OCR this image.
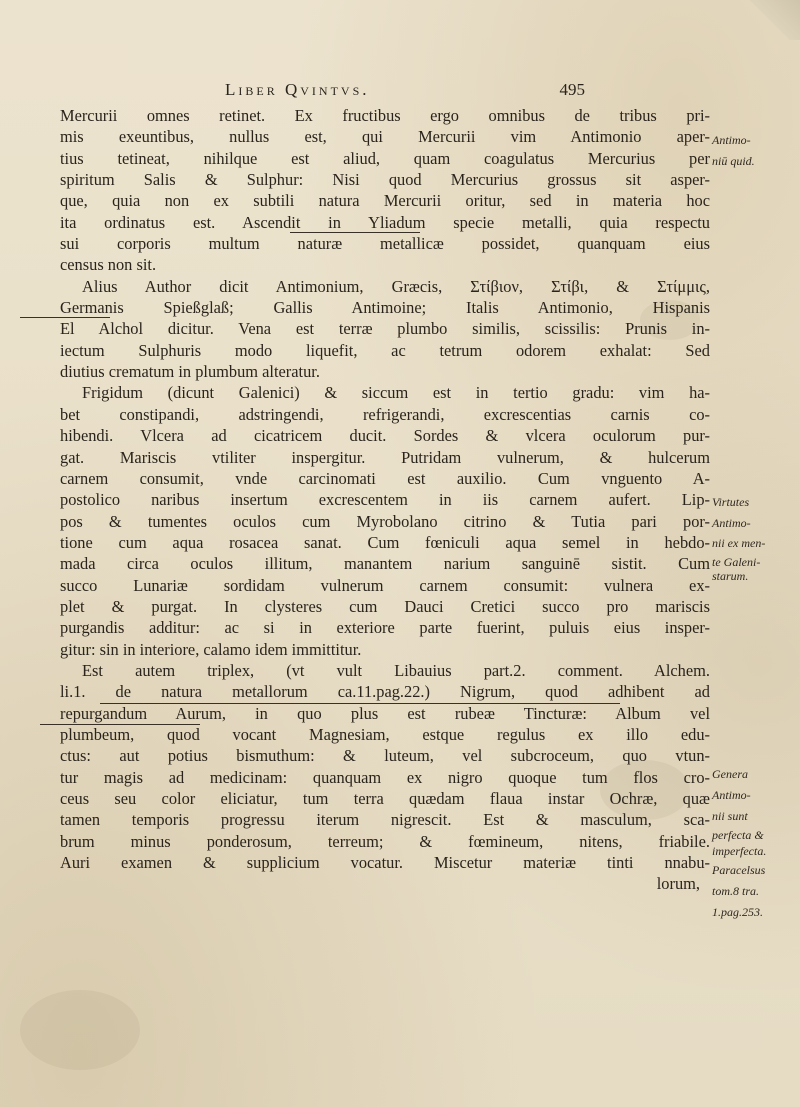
Liber Qvintvs.	495
Mercurii omnes retinet. Ex fructibus ergo omnibus de tribus pri-
mis exeuntibus, nullus est, qui Mercurii vim Antimonio aper-
tius tetineat, nihilque est aliud, quam coagulatus Mercurius per
spiritum Salis & Sulphur: Nisi quod Mercurius grossus sit asper-
que, quia non ex subtili natura Mercurii oritur, sed in materia hoc
ita ordinatus est. Ascendit in Yliadum specie metalli, quia respectu
sui corporis multum naturæ metallicæ possidet, quanquam eius
census non sit.
Alius Author dicit Antimonium, Græcis, Στίβιον, Στίβι, & Στίμμις,
Germanis Spießglaß; Gallis Antimoine; Italis Antimonio, Hispanis
El Alchol dicitur. Vena est terræ plumbo similis, scissilis: Prunis in-
iectum Sulphuris modo liquefit, ac tetrum odorem exhalat: Sed
diutius crematum in plumbum alteratur.
Frigidum (dicunt Galenici) & siccum est in tertio gradu: vim ha-
bet constipandi, adstringendi, refrigerandi, excrescentias carnis co-
hibendi. Vlcera ad cicatricem ducit. Sordes & vlcera oculorum pur-
gat. Mariscis vtiliter inspergitur. Putridam vulnerum, & hulcerum
carnem consumit, vnde carcinomati est auxilio. Cum vnguento A-
postolico naribus insertum excrescentem in iis carnem aufert. Lip-
pos & tumentes oculos cum Myrobolano citrino & Tutia pari por-
tione cum aqua rosacea sanat. Cum fœniculi aqua semel in hebdo-
mada circa oculos illitum, manantem narium sanguinē sistit. Cum
succo Lunariæ sordidam vulnerum carnem consumit: vulnera ex-
plet & purgat. In clysteres cum Dauci Cretici succo pro mariscis
purgandis additur: ac si in exteriore parte fuerint, puluis eius insper-
gitur: sin in interiore, calamo idem immittitur.
Est autem triplex, (vt vult Libauius part.2. comment. Alchem.
li.1. de natura metallorum ca.11.pag.22.) Nigrum, quod adhibent ad
repurgandum Aurum, in quo plus est rubeæ Tincturæ: Album vel
plumbeum, quod vocant Magnesiam, estque regulus ex illo edu-
ctus: aut potius bismuthum: & luteum, vel subcroceum, quo vtun-
tur magis ad medicinam: quanquam ex nigro quoque tum flos cro-
ceus seu color eliciatur, tum terra quædam flaua instar Ochræ, quæ
tamen temporis progressu iterum nigrescit. Est & masculum, sca-
brum minus ponderosum, terreum; & fœmineum, nitens, friabile.
Auri examen & supplicium vocatur. Miscetur materiæ tinti nnabu-
lorum,
Antimo-
niū quid.
Virtutes
Antimo-
nii ex men-
te Galeni-
starum.
Genera
Antimo-
nii sunt
perfecta &
imperfecta.
Paracelsus
tom.8 tra.
1.pag.253.
